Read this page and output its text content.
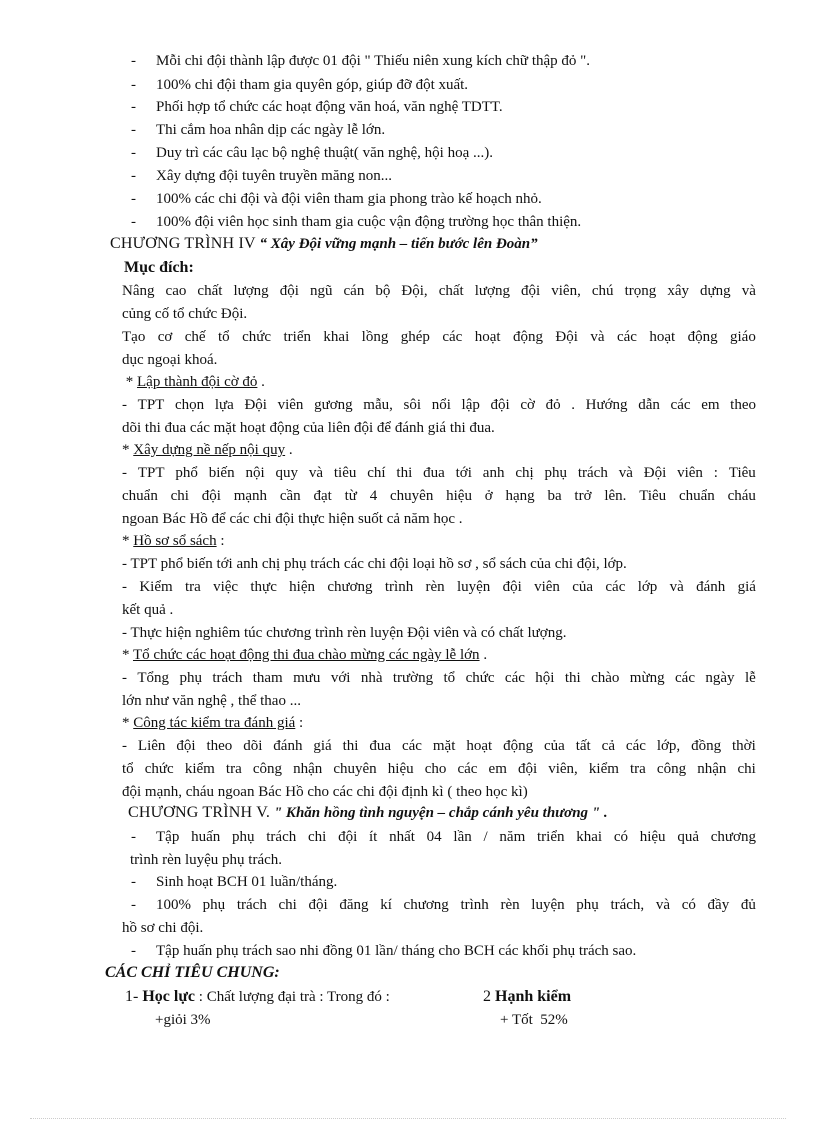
- Mỗi chi đội thành lập được 01 đội " Thiếu niên xung kích chữ thập đỏ ".
- 100% chi đội tham gia quyên góp, giúp đỡ đột xuất.
- Phối hợp tổ chức các hoạt động văn hoá, văn nghệ TDTT.
- Thi cắm hoa nhân dịp các ngày lễ lớn.
- Duy trì các câu lạc bộ nghệ thuật( văn nghệ, hội hoạ ...).
- Xây dựng đội tuyên truyền măng non...
- 100% các chi đội và đội viên tham gia phong trào kế hoạch nhỏ.
- 100% đội viên học sinh tham gia cuộc vận động trường học thân thiện.
CHƯƠNG TRÌNH IV “ Xây Đội vững mạnh – tiến bước lên Đoàn”
Mục đích:
Nâng cao chất lượng đội ngũ cán bộ Đội, chất lượng đội viên, chú trọng xây dựng và
củng cố tổ chức Đội.
Tạo cơ chế tổ chức triển khai lồng ghép các hoạt động Đội và các hoạt động giáo
dục ngoại khoá.
* Lập thành đội cờ đỏ .
- TPT chọn lựa Đội viên gương mẫu, sôi nổi lập đội cờ đỏ . Hướng dẫn các em theo
dõi thi đua các mặt hoạt động của liên đội để đánh giá thi đua.
* Xây dựng nề nếp nội quy .
- TPT phổ biến nội quy và tiêu chí thi đua tới anh chị phụ trách và Đội viên : Tiêu
chuẩn chi đội mạnh cần đạt từ 4 chuyên hiệu ở hạng ba trở lên. Tiêu chuẩn cháu
ngoan Bác Hồ để các chi đội thực hiện suốt cả năm học .
* Hồ sơ sổ sách :
- TPT phổ biến tới anh chị phụ trách các chi đội loại hồ sơ , sổ sách của chi đội, lớp.
- Kiểm tra việc thực hiện chương trình rèn luyện đội viên của các lớp và đánh giá
kết quả .
- Thực hiện nghiêm túc chương trình rèn luyện Đội viên và có chất lượng.
* Tổ chức các hoạt động thi đua chào mừng các ngày lễ lớn .
- Tổng phụ trách tham mưu với nhà trường tổ chức các hội thi chào mừng các ngày lễ
lớn như văn nghệ , thể thao ...
* Công tác kiểm tra đánh giá :
- Liên đội theo dõi đánh giá thi đua các mặt hoạt động của tất cả các lớp, đồng thời
tổ chức kiểm tra công nhận chuyên hiệu cho các em đội viên, kiểm tra công nhận chi
đội mạnh, cháu ngoan Bác Hồ cho các chi đội định kì ( theo học kì)
CHƯƠNG TRÌNH V. " Khăn hồng tình nguyện – chắp cánh yêu thương " .
- Tập huấn phụ trách chi đội ít nhất 04 lần / năm triển khai có hiệu quả chương
trình rèn luyệu phụ trách.
- Sinh hoạt BCH 01 luần/tháng.
- 100% phụ trách chi đội đăng kí chương trình rèn luyện phụ trách, và có đầy đủ
hồ sơ chi đội.
- Tập huấn phụ trách sao nhi đồng 01 lần/ tháng cho BCH các khối phụ trách sao.
CÁC CHỈ TIÊU CHUNG:
1- Học lực : Chất lượng đại trà : Trong đó :	2 Hạnh kiểm
+giỏi 3%	+ Tốt  52%
